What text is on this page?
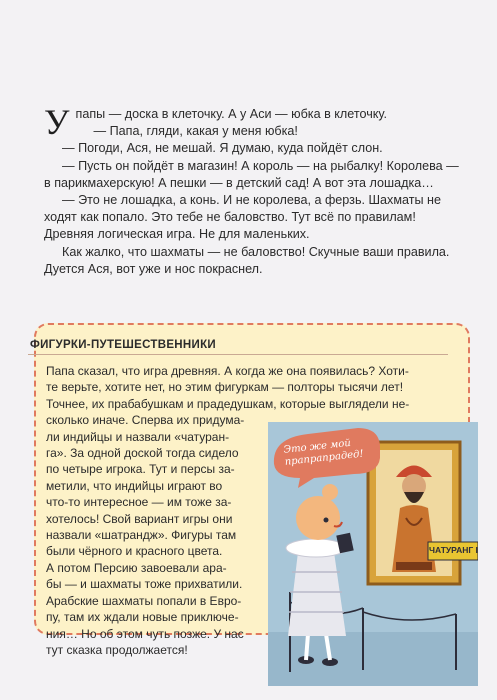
Упапы — доска в клеточку. А у Аси — юбка в клеточку.

— Папа, гляди, какая у меня юбка!

— Погоди, Ася, не мешай. Я думаю, куда пойдёт слон.

— Пусть он пойдёт в магазин! А король — на рыбалку! Королева — в парикмахерскую! А пешки — в детский сад! А вот эта лошадка…

— Это не лошадка, а конь. И не королева, а ферзь. Шахматы не ходят как попало. Это тебе не баловство. Тут всё по правилам! Древняя логическая игра. Не для маленьких.

Как жалко, что шахматы — не баловство! Скучные ваши правила. Дуется Ася, вот уже и нос покраснел.

ФИГУРКИ-ПУТЕШЕСТВЕННИКИ
Папа сказал, что игра древняя. А когда же она появилась? Хоти-
те верьте, хотите нет, но этим фигуркам — полторы тысячи лет!
Точнее, их прабабушкам и прадедушкам, которые выглядели не-
сколько иначе. Сперва их придума-
ли индийцы и назвали «чатуран-
га». За одной доской тогда сидело
по четыре игрока. Тут и персы за-
метили, что индийцы играют во
что-то интересное — им тоже за-
хотелось! Свой вариант игры они
назвали «шатрандж». Фигуры там
были чёрного и красного цвета.
А потом Персию завоевали ара-
бы — и шахматы тоже прихватили.
Арабские шахматы попали в Евро-
пу, там их ждали новые приключе-
ния… Но об этом чуть позже. У нас
тут сказка продолжается!
Это же мой прапрапрадед!
ЧАТУРАНГ I
